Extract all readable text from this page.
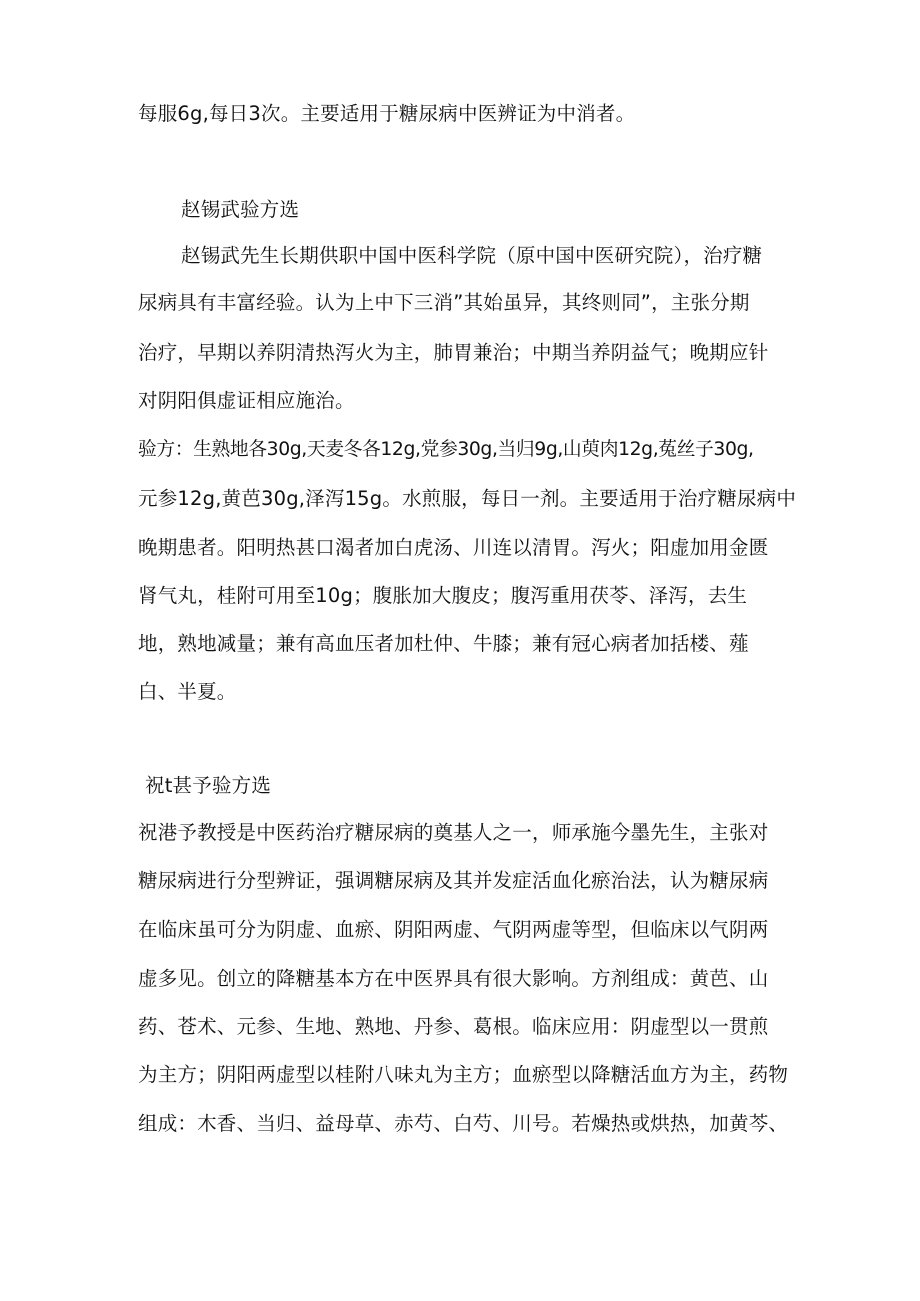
每服6g,每日3次。主要适用于糖尿病中医辨证为中消者。
赵锡武验方选
赵锡武先生长期供职中国中医科学院（原中国中医研究院），治疗糖
尿病具有丰富经验。认为上中下三消”其始虽异，其终则同”，主张分期
治疗，早期以养阴清热泻火为主，肺胃兼治；中期当养阴益气；晚期应针
对阴阳俱虚证相应施治。
验方：生熟地各30g,天麦冬各12g,党参30g,当归9g,山萸肉12g,菟丝子30g,
元参12g,黄芭30g,泽泻15g。水煎服，每日一剂。主要适用于治疗糖尿病中
晚期患者。阳明热甚口渴者加白虎汤、川连以清胃。泻火；阳虚加用金匮
肾气丸，桂附可用至10g；腹胀加大腹皮；腹泻重用茯苓、泽泻，去生
地，熟地减量；兼有高血压者加杜仲、牛膝；兼有冠心病者加括楼、薤
白、半夏。
祝t甚予验方选
祝港予教授是中医药治疗糖尿病的奠基人之一，师承施今墨先生，主张对
糖尿病进行分型辨证，强调糖尿病及其并发症活血化瘀治法，认为糖尿病
在临床虽可分为阴虚、血瘀、阴阳两虚、气阴两虚等型，但临床以气阴两
虚多见。创立的降糖基本方在中医界具有很大影响。方剂组成：黄芭、山
药、苍术、元参、生地、熟地、丹参、葛根。临床应用：阴虚型以一贯煎
为主方；阴阳两虚型以桂附八味丸为主方；血瘀型以降糖活血方为主，药物
组成：木香、当归、益母草、赤芍、白芍、川号。若燥热或烘热，加黄芩、
